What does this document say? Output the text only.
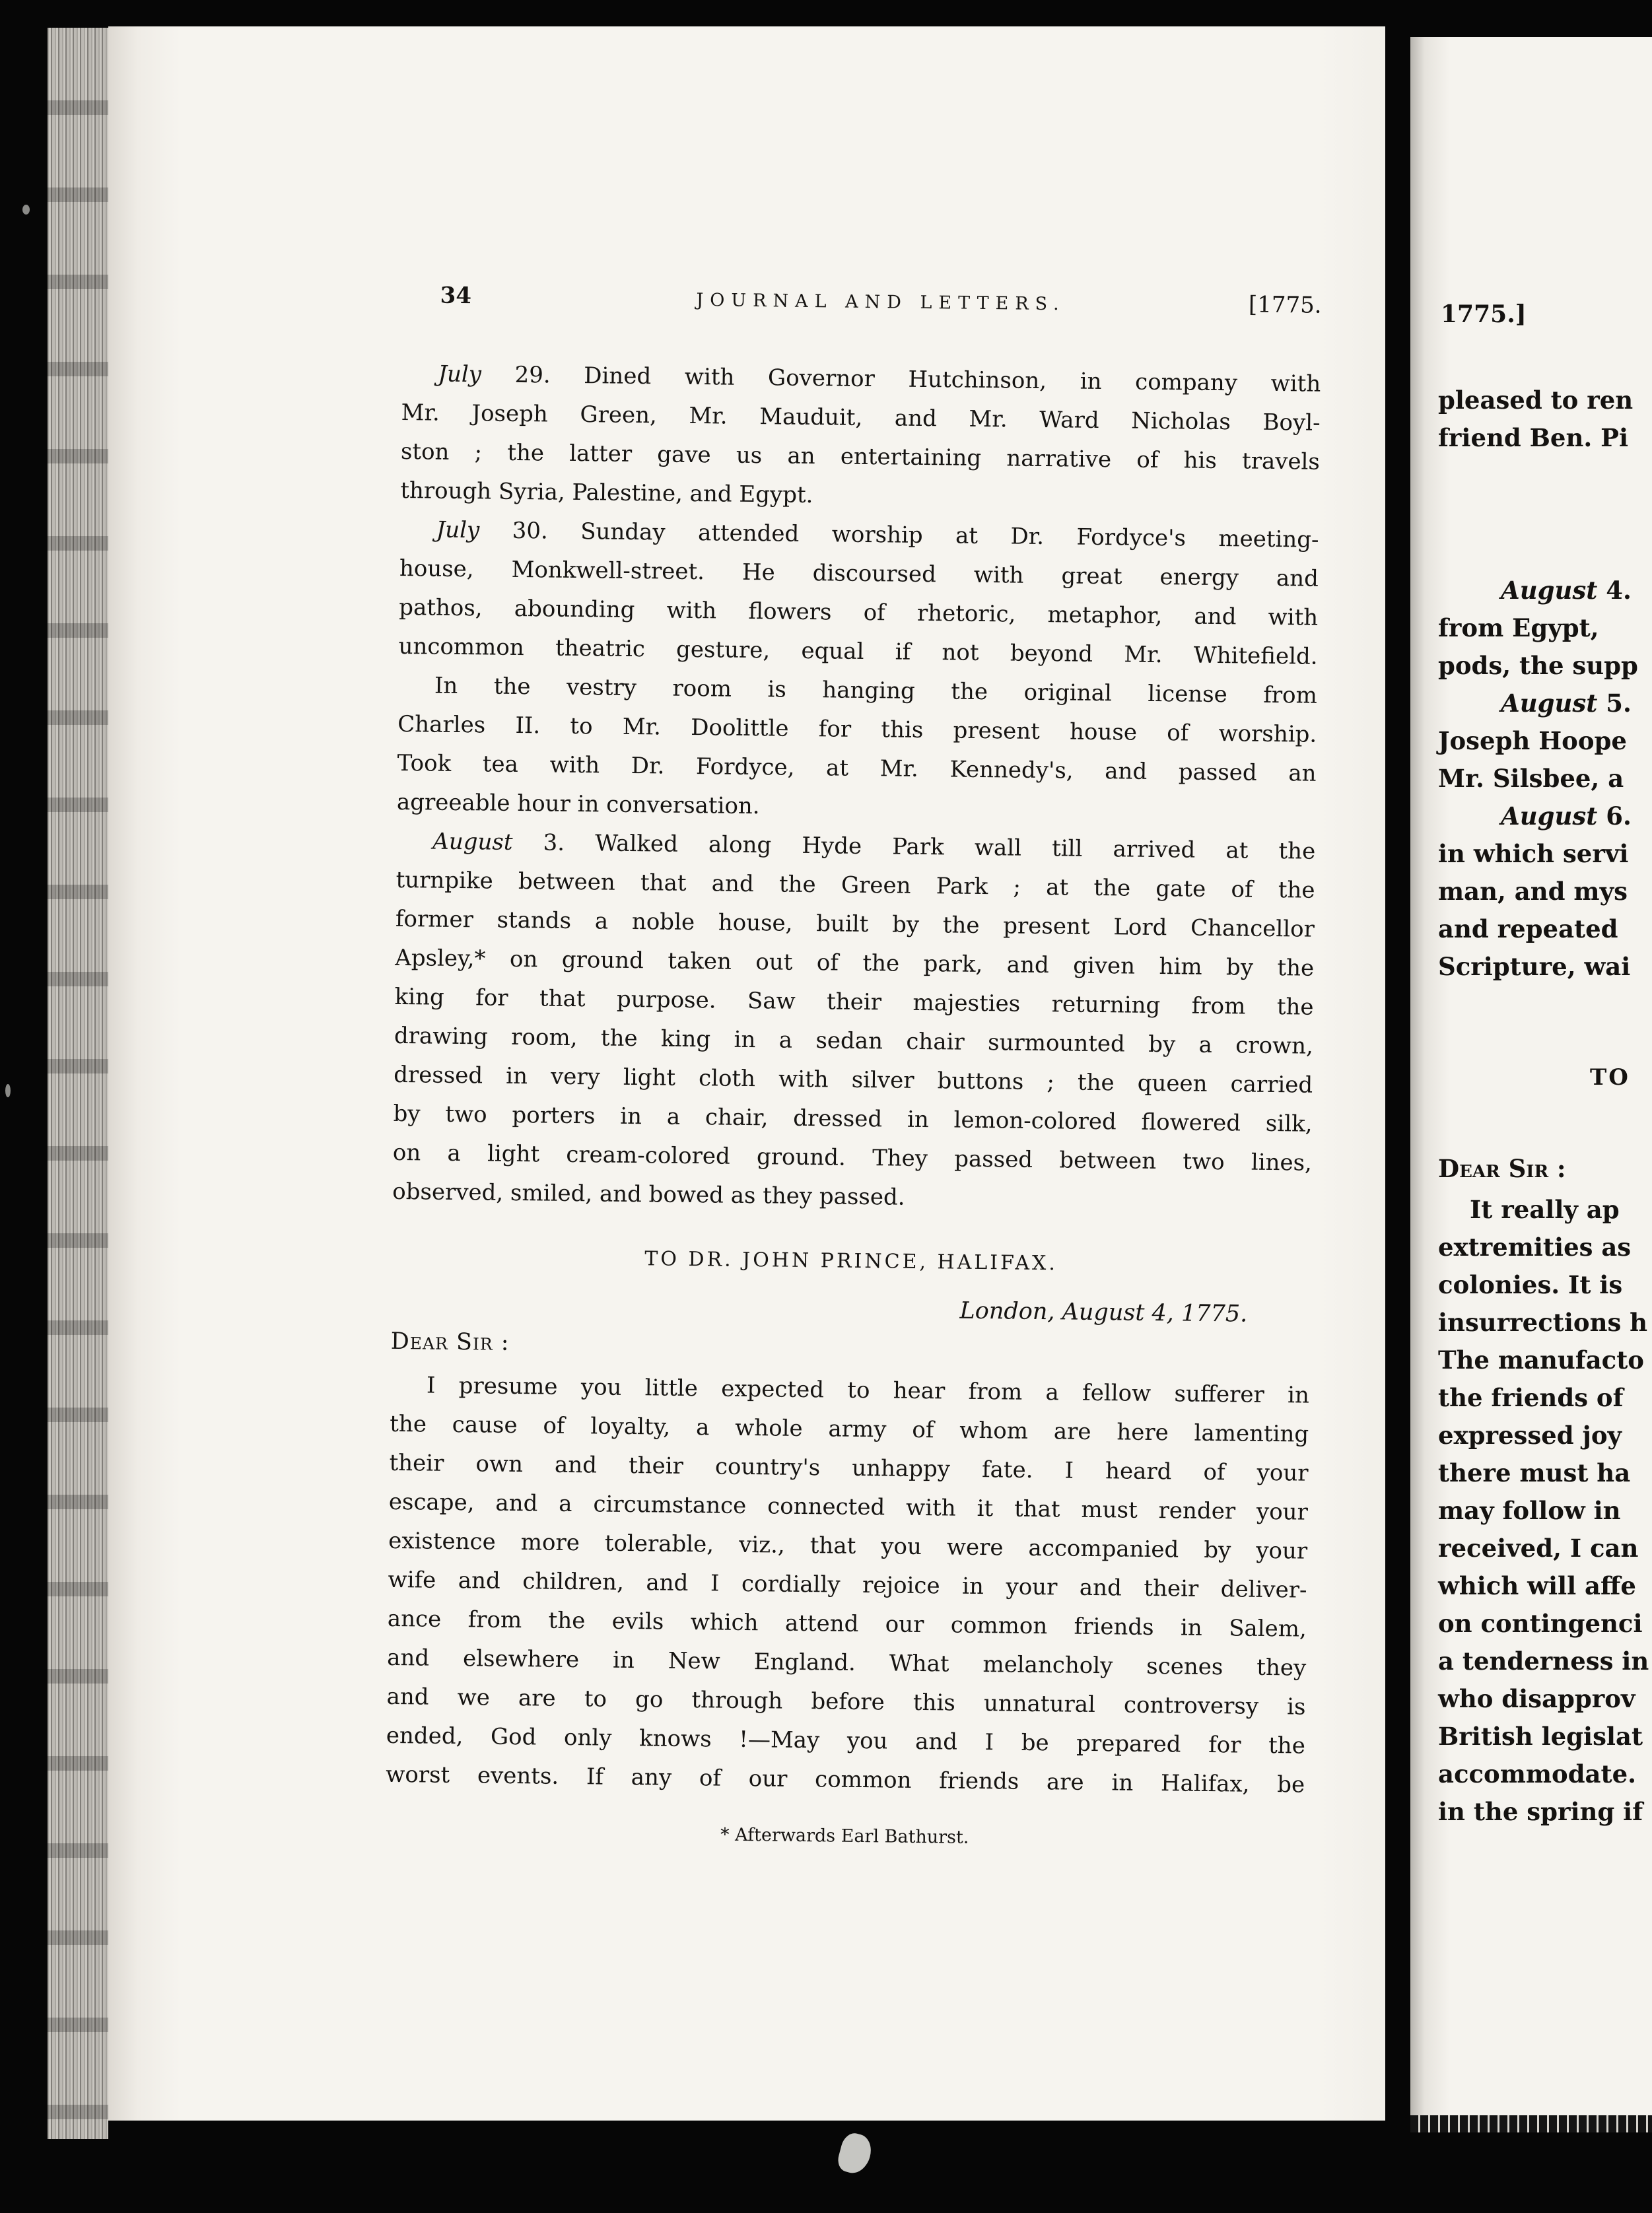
34	JOURNAL AND LETTERS.	[1775.
July 29. Dined with Governor Hutchinson, in company with
Mr. Joseph Green, Mr. Mauduit, and Mr. Ward Nicholas Boyl-
ston ; the latter gave us an entertaining narrative of his travels
through Syria, Palestine, and Egypt.
July 30. Sunday attended worship at Dr. Fordyce's meeting-
house, Monkwell-street. He discoursed with great energy and
pathos, abounding with flowers of rhetoric, metaphor, and with
uncommon theatric gesture, equal if not beyond Mr. Whitefield.
In the vestry room is hanging the original license from
Charles II. to Mr. Doolittle for this present house of worship.
Took tea with Dr. Fordyce, at Mr. Kennedy's, and passed an
agreeable hour in conversation.
August 3. Walked along Hyde Park wall till arrived at the
turnpike between that and the Green Park ; at the gate of the
former stands a noble house, built by the present Lord Chancellor
Apsley,* on ground taken out of the park, and given him by the
king for that purpose. Saw their majesties returning from the
drawing room, the king in a sedan chair surmounted by a crown,
dressed in very light cloth with silver buttons ; the queen carried
by two porters in a chair, dressed in lemon-colored flowered silk,
on a light cream-colored ground. They passed between two lines,
observed, smiled, and bowed as they passed.
TO DR. JOHN PRINCE, HALIFAX.
London, August 4, 1775.
Dear Sir :
I presume you little expected to hear from a fellow sufferer in
the cause of loyalty, a whole army of whom are here lamenting
their own and their country's unhappy fate. I heard of your
escape, and a circumstance connected with it that must render your
existence more tolerable, viz., that you were accompanied by your
wife and children, and I cordially rejoice in your and their deliver-
ance from the evils which attend our common friends in Salem,
and elsewhere in New England. What melancholy scenes they
and we are to go through before this unnatural controversy is
ended, God only knows !—May you and I be prepared for the
worst events. If any of our common friends are in Halifax, be
* Afterwards Earl Bathurst.
1775.]
pleased to ren
friend Ben. Pi
August 4.
from Egypt,
pods, the supp
August 5.
Joseph Hoope
Mr. Silsbee, a
August 6.
in which servi
man, and mys
and repeated
Scripture, wai
TO
Dear Sir :
It really ap
extremities as
colonies. It is
insurrections h
The manufacto
the friends of
expressed joy
there must ha
may follow in
received, I can
which will affe
on contingenci
a tenderness in
who disapprov
British legislat
accommodate.
in the spring if
